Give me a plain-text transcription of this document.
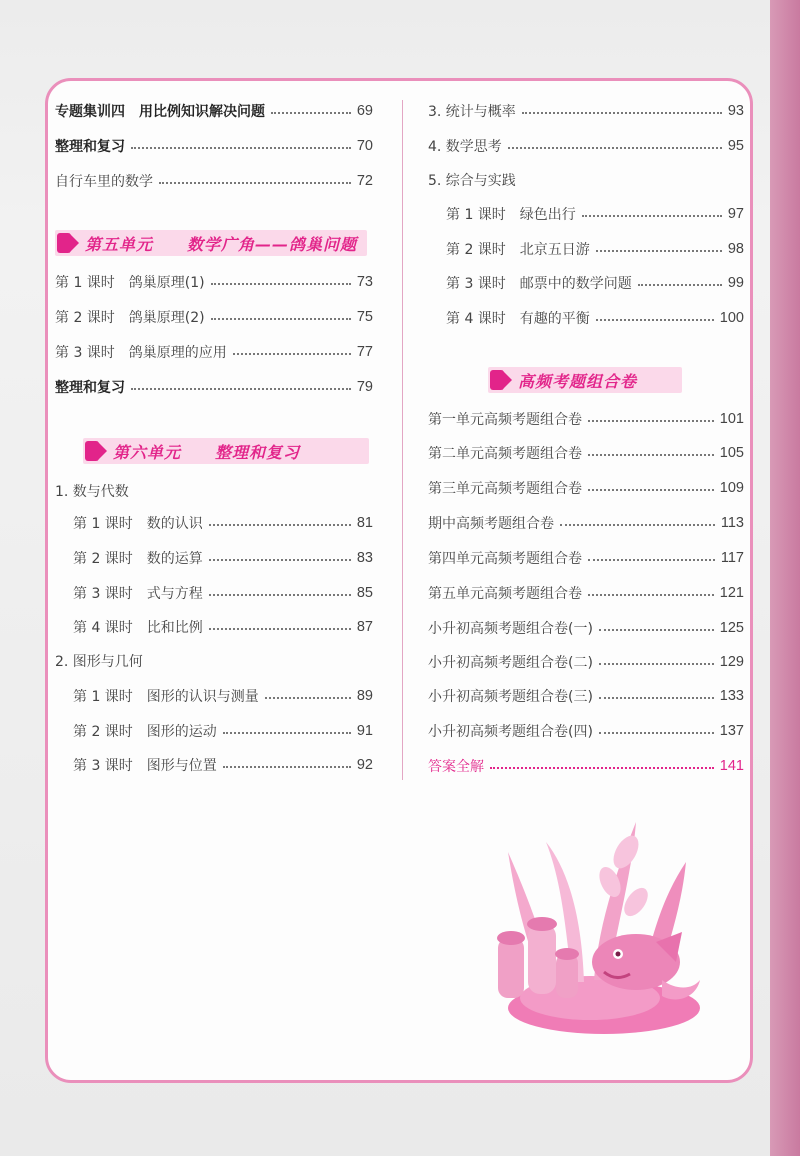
专题集训四　用比例知识解决问题	69
整理和复习	70
自行车里的数学	72
第五单元	数学广角——鸽巢问题
第 1 课时　鸽巢原理(1)	73
第 2 课时　鸽巢原理(2)	75
第 3 课时　鸽巢原理的应用	77
整理和复习	79
第六单元	整理和复习
1. 数与代数
第 1 课时　数的认识	81
第 2 课时　数的运算	83
第 3 课时　式与方程	85
第 4 课时　比和比例	87
2. 图形与几何
第 1 课时　图形的认识与测量	89
第 2 课时　图形的运动	91
第 3 课时　图形与位置	92
3. 统计与概率	93
4. 数学思考	95
5. 综合与实践
第 1 课时　绿色出行	97
第 2 课时　北京五日游	98
第 3 课时　邮票中的数学问题	99
第 4 课时　有趣的平衡	100
高频考题组合卷
第一单元高频考题组合卷	101
第二单元高频考题组合卷	105
第三单元高频考题组合卷	109
期中高频考题组合卷	113
第四单元高频考题组合卷	117
第五单元高频考题组合卷	121
小升初高频考题组合卷(一)	125
小升初高频考题组合卷(二)	129
小升初高频考题组合卷(三)	133
小升初高频考题组合卷(四)	137
答案全解	141
